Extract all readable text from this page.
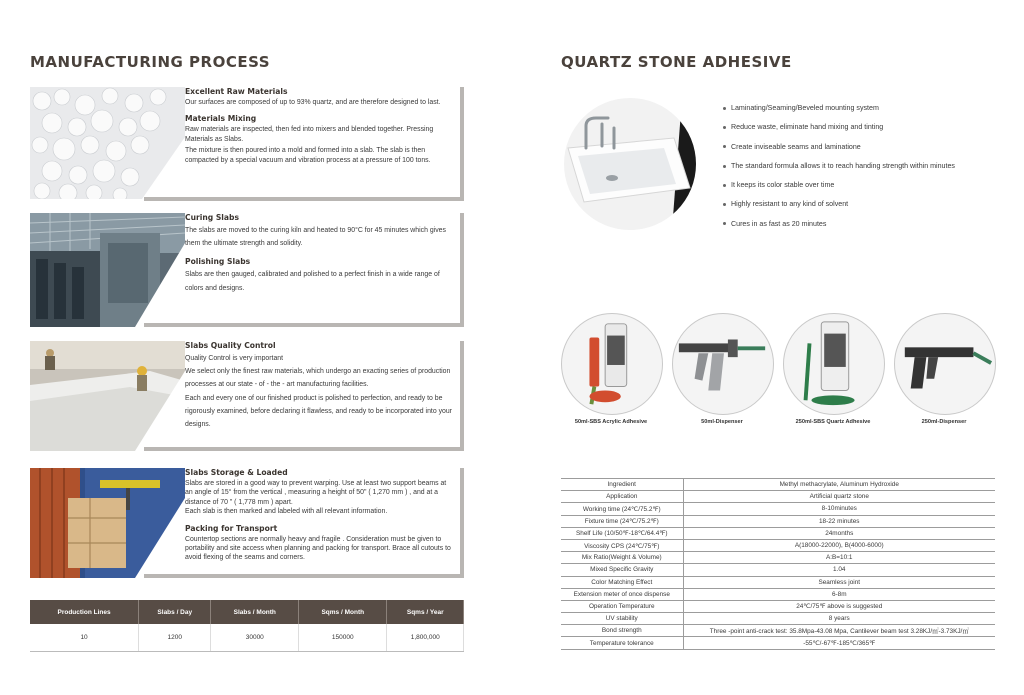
MANUFACTURING PROCESS
Excellent Raw Materials
Our surfaces are composed of up to 93% quartz, and are therefore designed to last.
Materials Mixing
Raw materials are inspected, then fed into mixers and blended together. Pressing Materials as Slabs.
The mixture is then poured into a mold and formed into a slab. The slab is then compacted by a special vacuum and vibration process at a pressure of 100 tons.
Curing Slabs
The slabs are moved to the curing kiln and heated to 90°C for 45 minutes which gives them the ultimate strength and solidity.
Polishing Slabs
Slabs are then gauged, calibrated and polished to a perfect finish in a wide range of colors and designs.
Slabs Quality Control
Quality Control is very important
We select only the finest raw materials, which undergo an exacting series of production processes at our state - of - the - art manufacturing facilities.
Each and every one of our finished product is polished to perfection, and ready to be rigorously examined, before declaring it flawless, and ready to be incorporated into your designs.
Slabs Storage & Loaded
Slabs are stored in a good way to prevent warping. Use at least two support beams at an angle of 15° from the vertical , measuring a height of 50" ( 1,270 mm ) , and at a distance of 70 " ( 1,778 mm ) apart.
Each slab is then marked and labeled with all relevant information.
Packing for Transport
Countertop sections are normally heavy and fragile . Consideration must be given to portability and site access when planning and packing for transport. Brace all cutouts to avoid flexing of the seams and corners.
Production Lines	Slabs / Day	Slabs / Month	Sqms / Month	Sqms / Year
10	1200	30000	150000	1,800,000
QUARTZ STONE ADHESIVE
Laminating/Seaming/Beveled mounting system
Reduce waste, eliminate hand mixing and tinting
Create inviseable seams and laminatione
The standard formula allows it to reach handing strength within minutes
It keeps its color stable over time
Highly resistant to any kind of solvent
Cures in as fast as 20 minutes
50ml-SBS Acrylic Adhesive	50ml-Dispenser	250ml-SBS Quartz Adhesive	250ml-Dispenser
Ingredient	Methyl methacrylate, Aluminum Hydroxide
Application	Artificial quartz stone
Working time (24℃/75.2℉)	8-10minutes
Fixture time (24℃/75.2℉)	18-22 minutes
Shelf Life (10/50℉-18℃/64.4℉)	24months
Viscosity CPS (24℃/75℉)	A(18000-22000), B(4000-6000)
Mix Ratio(Weight & Volume)	A:B=10:1
Mixed Specific Gravity	1.04
Color Matching Effect	Seamless joint
Extension meter of once dispense	6-8m
Operation Temperature	24℃/75℉ above is suggested
UV stability	8 years
Bond strength	Three -point anti-crack test: 35.8Mpa-43.08 Mpa, Cantilever beam test 3.28KJ/㎡-3.73KJ/㎡
Temperature tolerance	-55℃/-67℉-185℃/365℉
